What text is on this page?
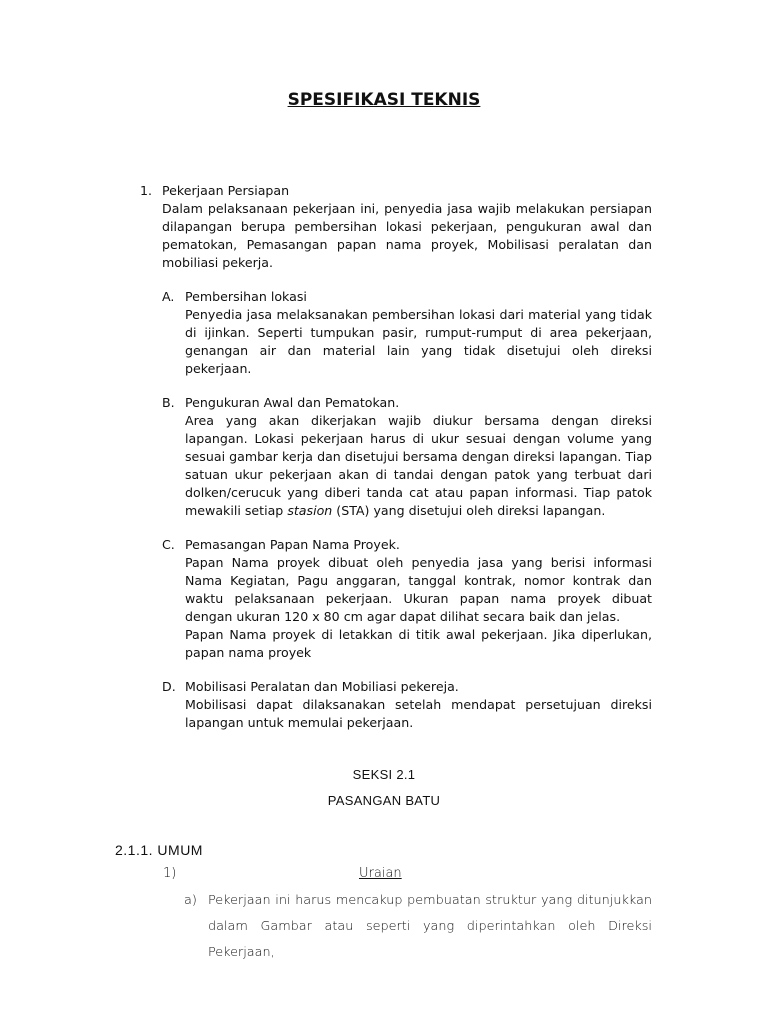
SPESIFIKASI TEKNIS
1. Pekerjaan Persiapan
Dalam pelaksanaan pekerjaan ini, penyedia jasa wajib melakukan persiapan dilapangan berupa pembersihan lokasi pekerjaan, pengukuran awal dan pematokan, Pemasangan papan nama proyek, Mobilisasi peralatan dan mobiliasi pekerja.
A. Pembersihan lokasi
Penyedia jasa melaksanakan pembersihan lokasi dari material yang tidak di ijinkan. Seperti tumpukan pasir, rumput-rumput di area pekerjaan, genangan air dan material lain yang tidak disetujui oleh direksi pekerjaan.
B. Pengukuran Awal dan Pematokan.
Area yang akan dikerjakan wajib diukur bersama dengan direksi lapangan. Lokasi pekerjaan harus di ukur sesuai dengan volume yang sesuai gambar kerja dan disetujui bersama dengan direksi lapangan. Tiap satuan ukur pekerjaan akan di tandai dengan patok yang terbuat dari dolken/cerucuk yang diberi tanda cat atau papan informasi. Tiap patok mewakili setiap stasion (STA) yang disetujui oleh direksi lapangan.
C. Pemasangan Papan Nama Proyek.
Papan Nama proyek dibuat oleh penyedia jasa yang berisi informasi Nama Kegiatan, Pagu anggaran, tanggal kontrak, nomor kontrak dan waktu pelaksanaan pekerjaan. Ukuran papan nama proyek dibuat dengan ukuran 120 x 80 cm agar dapat dilihat secara baik dan jelas.
Papan Nama proyek di letakkan di titik awal pekerjaan. Jika diperlukan, papan nama proyek
D. Mobilisasi Peralatan dan Mobiliasi pekereja.
Mobilisasi dapat dilaksanakan setelah mendapat persetujuan direksi lapangan untuk memulai pekerjaan.
SEKSI 2.1
PASANGAN BATU
2.1.1. UMUM
1)	Uraian
a) Pekerjaan ini harus mencakup pembuatan struktur yang ditunjukkan dalam Gambar atau seperti yang diperintahkan oleh Direksi Pekerjaan,
